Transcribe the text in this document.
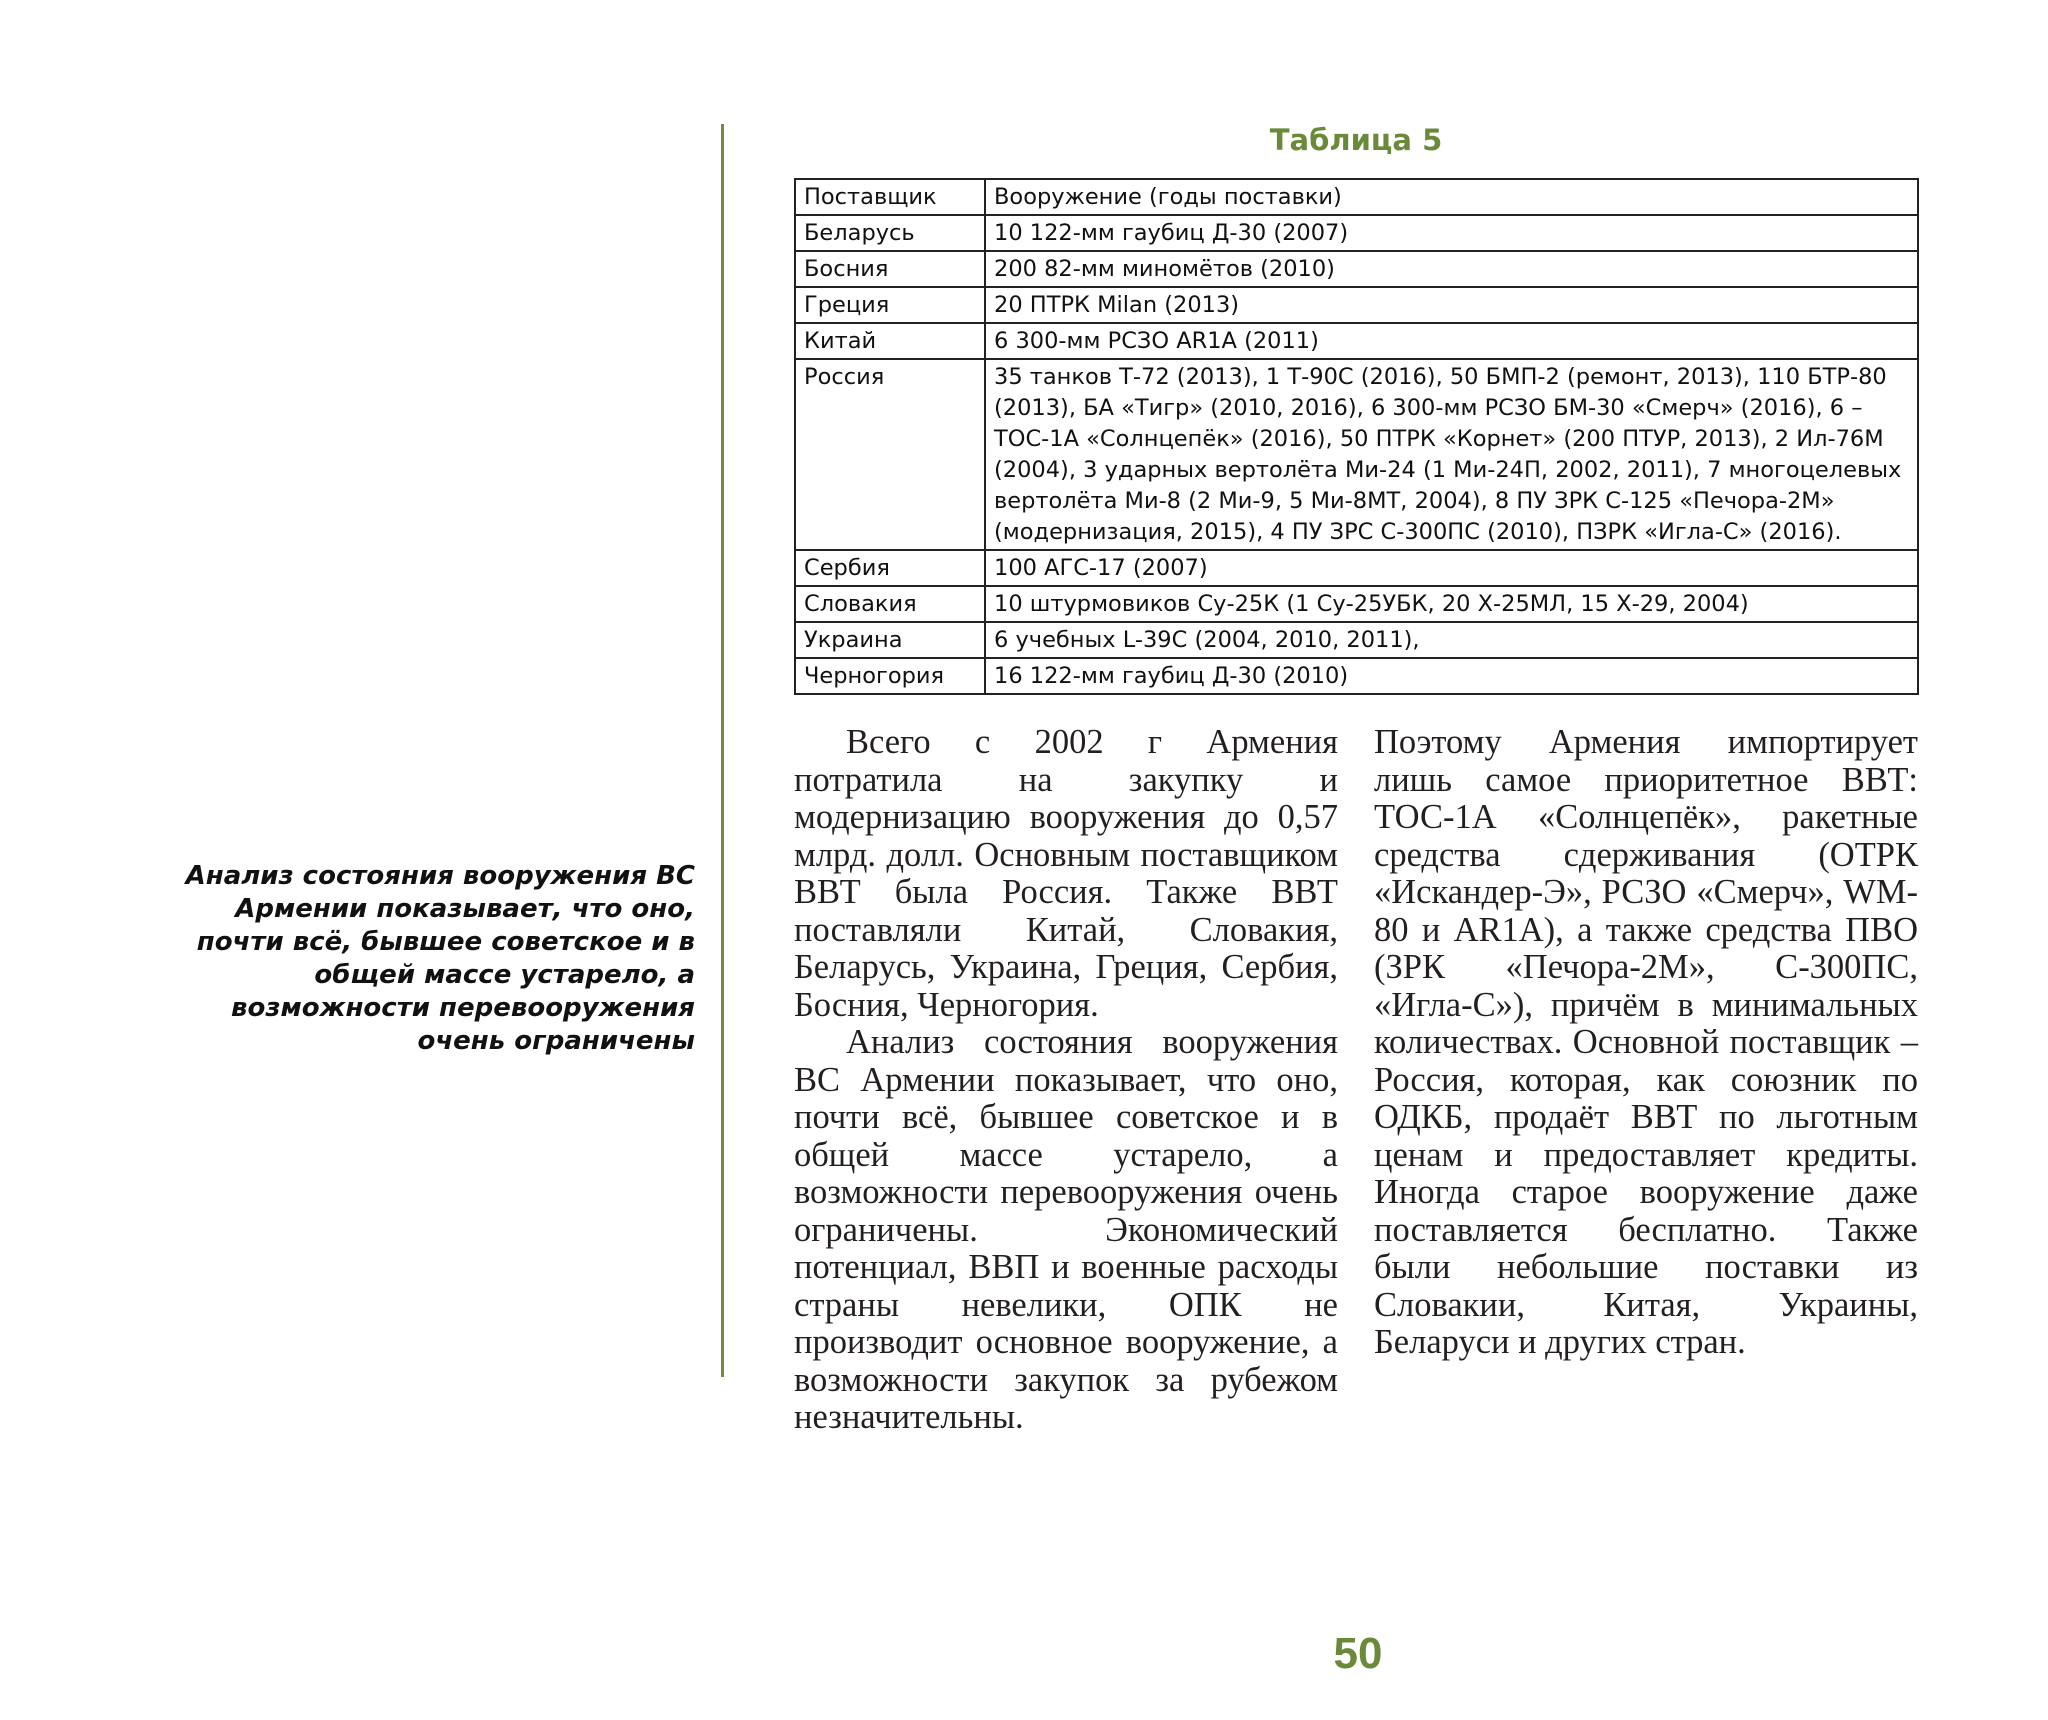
Анализ состояния вооружения ВС Армении показывает, что оно, почти всё, бывшее советское и в общей массе устарело, а возможности перевооружения очень ограничены
Таблица 5
Поставщик	Вооружение (годы поставки)
Беларусь	10 122-мм гаубиц Д-30 (2007)
Босния	200 82-мм миномётов (2010)
Греция	20 ПТРК Milan (2013)
Китай	6 300-мм РСЗО AR1A (2011)
Россия	35 танков Т-72 (2013), 1 Т-90С (2016), 50 БМП-2 (ремонт, 2013), 110 БТР-80 (2013), БА «Тигр» (2010, 2016), 6 300-мм РСЗО БМ-30 «Смерч» (2016), 6 – ТОС-1А «Солнцепёк» (2016), 50 ПТРК «Корнет» (200 ПТУР, 2013), 2 Ил-76М (2004), 3 ударных вертолёта Ми-24 (1 Ми-24П, 2002, 2011), 7 многоцелевых вертолёта Ми-8 (2 Ми-9, 5 Ми-8МТ, 2004), 8 ПУ ЗРК С-125 «Печора-2М» (модернизация, 2015), 4 ПУ ЗРС С-300ПС (2010), ПЗРК «Игла-С» (2016).
Сербия	100 АГС-17 (2007)
Словакия	10 штурмовиков Су-25К (1 Су-25УБК, 20 Х-25МЛ, 15 Х-29, 2004)
Украина	6 учебных L-39С (2004, 2010, 2011),
Черногория	16 122-мм гаубиц Д-30 (2010)

Всего с 2002 г Армения потратила на закупку и модернизацию вооружения до 0,57 млрд. долл. Основным поставщиком ВВТ была Россия. Также ВВТ поставляли Китай, Словакия, Беларусь, Украина, Греция, Сербия, Босния, Черногория.

Анализ состояния вооружения ВС Армении показывает, что оно, почти всё, бывшее советское и в общей массе устарело, а возможности перевооружения очень ограничены. Экономический потенциал, ВВП и военные расходы страны невелики, ОПК не производит основное вооружение, а возможности закупок за рубежом незначительны.

Поэтому Армения импортирует лишь самое приоритетное ВВТ: ТОС-1А «Солнцепёк», ракетные средства сдерживания (ОТРК «Искандер-Э», РСЗО «Смерч», WM-80 и AR1A), а также средства ПВО (ЗРК «Печора-2М», С-300ПС, «Игла-С»), причём в минимальных количествах. Основной поставщик – Россия, которая, как союзник по ОДКБ, продаёт ВВТ по льготным ценам и предоставляет кредиты. Иногда старое вооружение даже поставляется бесплатно. Также были небольшие поставки из Словакии, Китая, Украины, Беларуси и других стран.

50
